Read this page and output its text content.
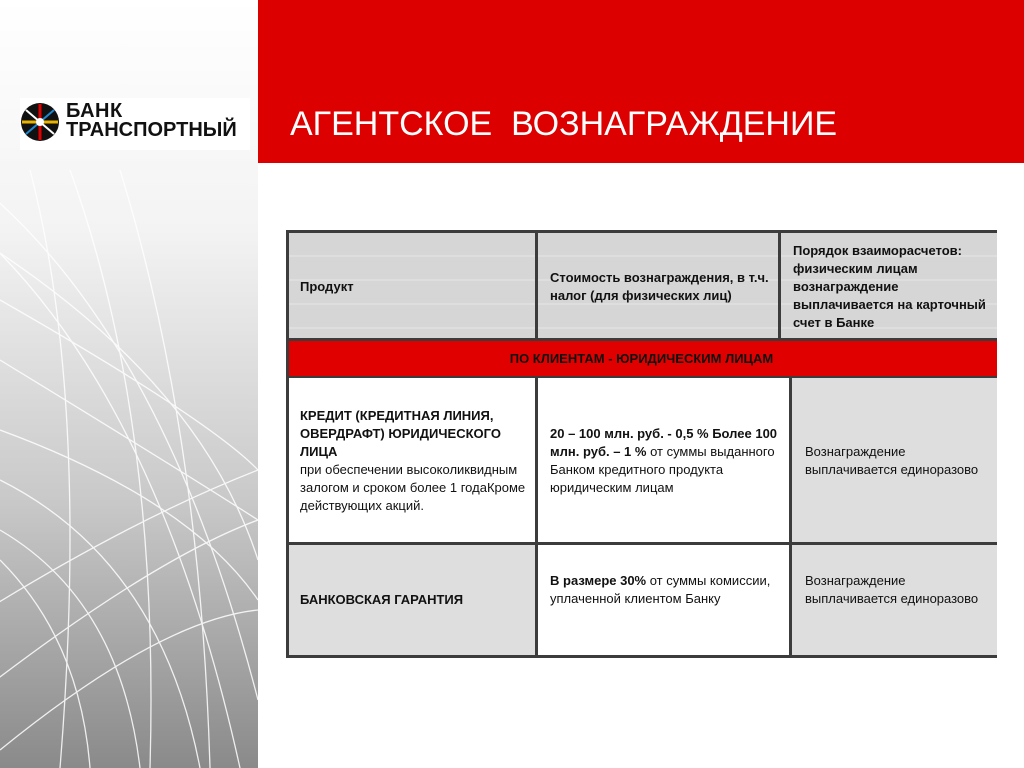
БАНК
ТРАНСПОРТНЫЙ АГЕНТСКОЕ  ВОЗНАГРАЖДЕНИЕ
Продукт
Стоимость вознаграждения, в т.ч. налог (для физических лиц)
Порядок взаиморасчетов: физическим лицам вознаграждение выплачивается на карточный счет в Банке
ПО КЛИЕНТАМ - ЮРИДИЧЕСКИМ ЛИЦАМ
КРЕДИТ (КРЕДИТНАЯ ЛИНИЯ, ОВЕРДРАФТ) ЮРИДИЧЕСКОГО ЛИЦА
при обеспечении высоколиквидным залогом и сроком более 1 годаКроме действующих акций.
20 – 100 млн. руб. - 0,5 % Более 100 млн. руб. – 1 % от суммы выданного Банком кредитного продукта юридическим лицам
Вознаграждение выплачивается единоразово
БАНКОВСКАЯ ГАРАНТИЯ
В размере 30% от суммы комиссии, уплаченной клиентом Банку
Вознаграждение выплачивается единоразово
